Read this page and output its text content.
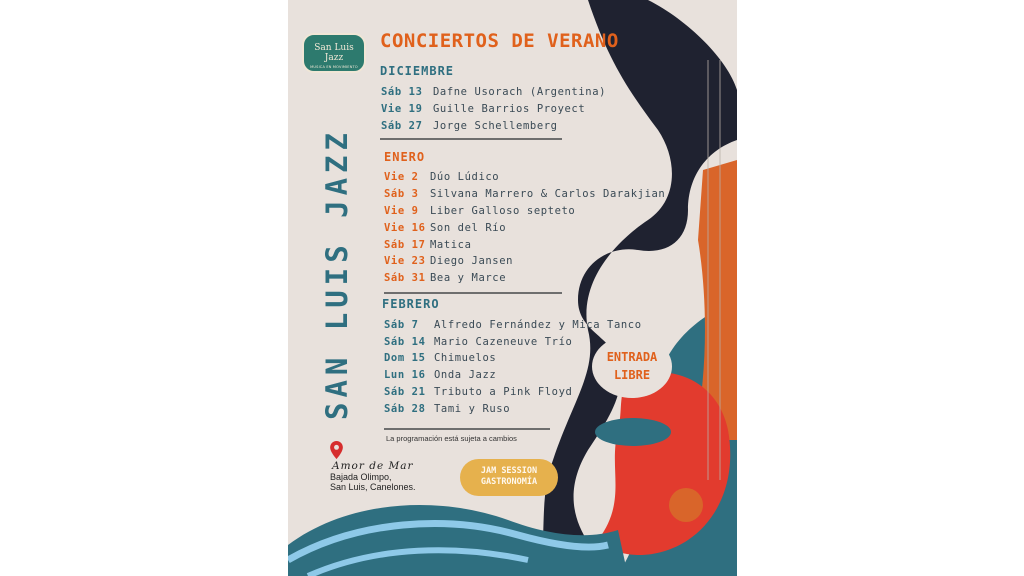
San Luis Jazz
MUSICA EN MOVIMIENTO
CONCIERTOS DE VERANO
DICIEMBRE
Sáb 13 Dafne Usorach (Argentina)
Vie 19 Guille Barrios Proyect
Sáb 27 Jorge Schellemberg
ENERO
Vie 2 Dúo Lúdico
Sáb 3 Silvana Marrero & Carlos Darakjian
Vie 9 Liber Galloso septeto
Vie 16 Son del Río
Sáb 17 Matica
Vie 23 Diego Jansen
Sáb 31 Bea y Marce
FEBRERO
Sáb 7 Alfredo Fernández y Mica Tanco
Sáb 14 Mario Cazeneuve Trío
Dom 15 Chimuelos
Lun 16 Onda Jazz
Sáb 21 Tributo a Pink Floyd
Sáb 28 Tami y Ruso
La programación está sujeta a cambios
SAN LUIS JAZZ
Amor de Mar
Bajada Olimpo,
San Luis, Canelones.
JAM SESSION
GASTRONOMÍA
ENTRADA
LIBRE
